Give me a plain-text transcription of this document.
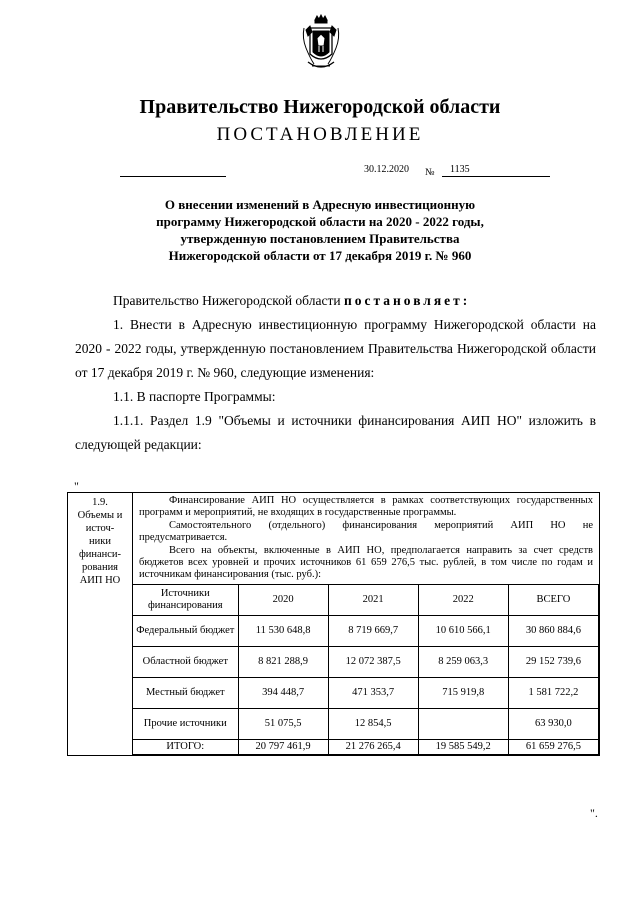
Правительство Нижегородской области
ПОСТАНОВЛЕНИЕ
30.12.2020 №	1135
О внесении изменений в Адресную инвестиционную
программу Нижегородской области на 2020 - 2022 годы,
утвержденную постановлением Правительства
Нижегородской области от 17 декабря 2019 г. № 960

Правительство Нижегородской области постановляет:

1. Внести в Адресную инвестиционную программу Нижегородской области на 2020 - 2022 годы, утвержденную постановлением Правительства Нижегородской области от 17 декабря 2019 г. № 960, следующие изменения:

1.1. В паспорте Программы:

1.1.1. Раздел 1.9 "Объемы и источники финансирования АИП НО" изложить в следующей редакции:

"
1.9.
Объемы и
источ-
ники
финанси-
рования
АИП НО

Финансирование АИП НО осуществляется в рамках соответствующих государственных программ и мероприятий, не входящих в государственные программы.

Самостоятельного (отдельного) финансирования мероприятий АИП НО не предусматривается.

Всего на объекты, включенные в АИП НО, предполагается направить за счет средств бюджетов всех уровней и прочих источников 61 659 276,5 тыс. рублей, в том числе по годам и источникам финансирования (тыс. руб.):

Источники финансирования	2020	2021	2022	ВСЕГО
Федеральный бюджет	11 530 648,8	8 719 669,7	10 610 566,1	30 860 884,6
Областной бюджет	8 821 288,9	12 072 387,5	8 259 063,3	29 152 739,6
Местный бюджет	394 448,7	471 353,7	715 919,8	1 581 722,2
Прочие источники	51 075,5	12 854,5		63 930,0
ИТОГО:	20 797 461,9	21 276 265,4	19 585 549,2	61 659 276,5
".
